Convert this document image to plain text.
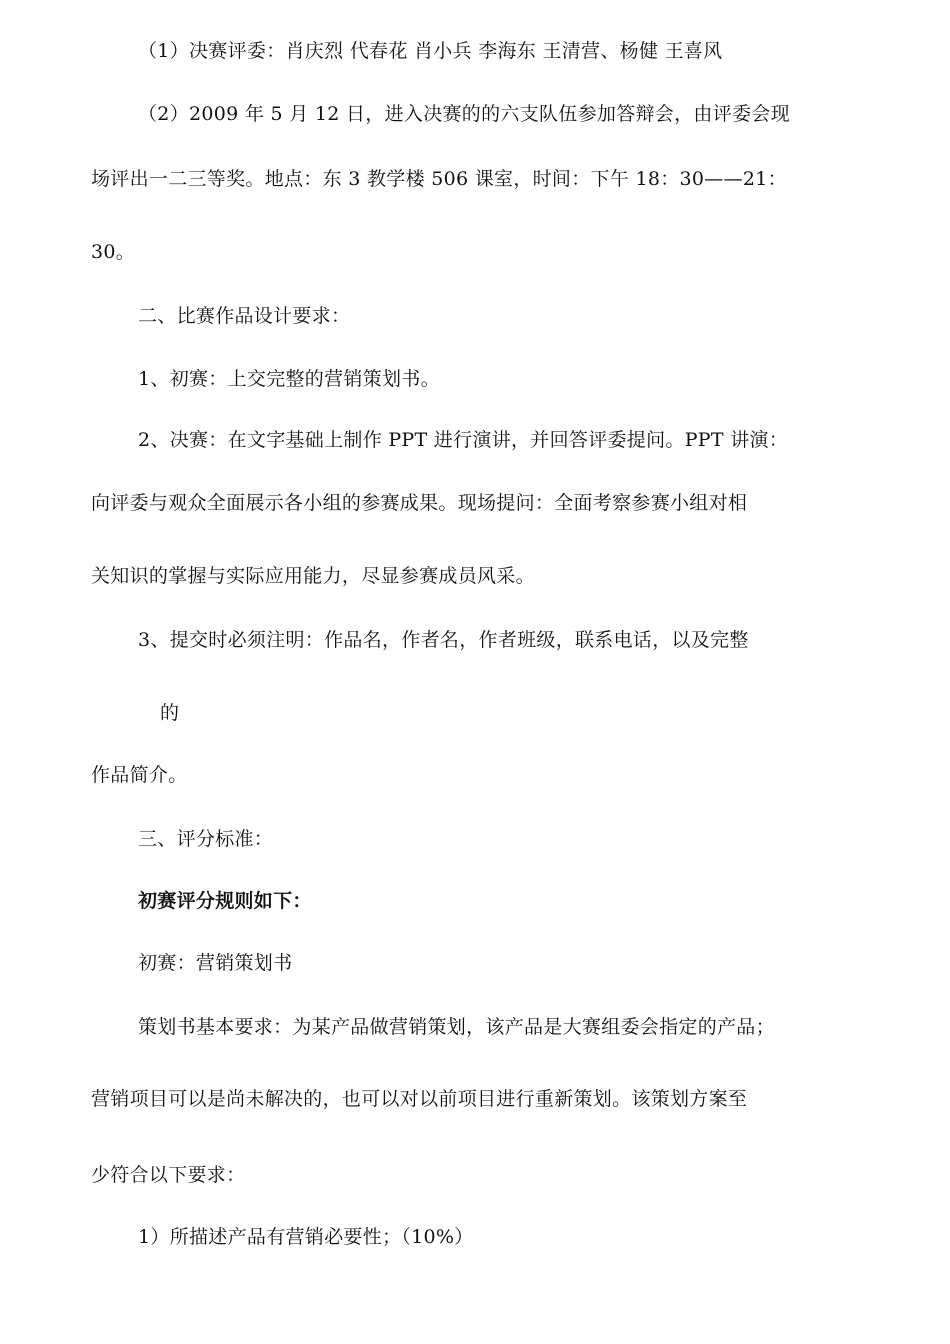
（1）决赛评委：肖庆烈 代春花 肖小兵 李海东 王清营、杨健 王喜风
（2）2009 年 5 月 12 日，进入决赛的的六支队伍参加答辩会，由评委会现
场评出一二三等奖。地点：东 3 教学楼 506 课室，时间：下午 18：30——21：
30。
二、比赛作品设计要求：
1、初赛：上交完整的营销策划书。
2、决赛：在文字基础上制作 PPT 进行演讲，并回答评委提问。PPT 讲演：
向评委与观众全面展示各小组的参赛成果。现场提问：全面考察参赛小组对相
关知识的掌握与实际应用能力，尽显参赛成员风采。
3、提交时必须注明：作品名，作者名，作者班级，联系电话，以及完整
的
作品简介。
三、评分标准：
初赛评分规则如下：
初赛：营销策划书
策划书基本要求：为某产品做营销策划，该产品是大赛组委会指定的产品；
营销项目可以是尚未解决的，也可以对以前项目进行重新策划。该策划方案至
少符合以下要求：
1）所描述产品有营销必要性；（10%）
